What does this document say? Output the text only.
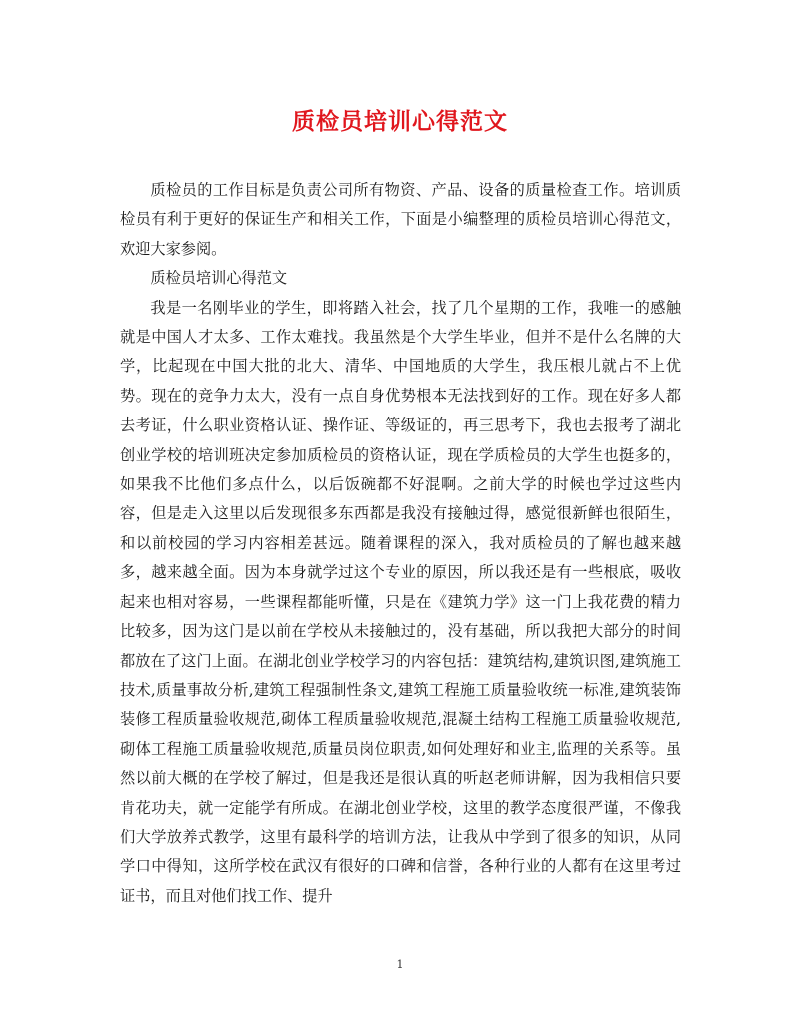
质检员培训心得范文

质检员的工作目标是负责公司所有物资、产品、设备的质量检查工作。培训质检员有利于更好的保证生产和相关工作，下面是小编整理的质检员培训心得范文，欢迎大家参阅。

质检员培训心得范文

我是一名刚毕业的学生，即将踏入社会，找了几个星期的工作，我唯一的感触就是中国人才太多、工作太难找。我虽然是个大学生毕业，但并不是什么名牌的大学，比起现在中国大批的北大、清华、中国地质的大学生，我压根儿就占不上优势。现在的竞争力太大，没有一点自身优势根本无法找到好的工作。现在好多人都去考证，什么职业资格认证、操作证、等级证的，再三思考下，我也去报考了湖北创业学校的培训班决定参加质检员的资格认证，现在学质检员的大学生也挺多的，如果我不比他们多点什么，以后饭碗都不好混啊。之前大学的时候也学过这些内容，但是走入这里以后发现很多东西都是我没有接触过得，感觉很新鲜也很陌生，和以前校园的学习内容相差甚远。随着课程的深入，我对质检员的了解也越来越多，越来越全面。因为本身就学过这个专业的原因，所以我还是有一些根底，吸收起来也相对容易，一些课程都能听懂，只是在《建筑力学》这一门上我花费的精力比较多，因为这门是以前在学校从未接触过的，没有基础，所以我把大部分的时间都放在了这门上面。在湖北创业学校学习的内容包括：建筑结构,建筑识图,建筑施工技术,质量事故分析,建筑工程强制性条文,建筑工程施工质量验收统一标准,建筑装饰装修工程质量验收规范,砌体工程质量验收规范,混凝土结构工程施工质量验收规范,砌体工程施工质量验收规范,质量员岗位职责,如何处理好和业主,监理的关系等。虽然以前大概的在学校了解过，但是我还是很认真的听赵老师讲解，因为我相信只要肯花功夫，就一定能学有所成。在湖北创业学校，这里的教学态度很严谨，不像我们大学放养式教学，这里有最科学的培训方法，让我从中学到了很多的知识，从同学口中得知，这所学校在武汉有很好的口碑和信誉，各种行业的人都有在这里考过证书，而且对他们找工作、提升

1
